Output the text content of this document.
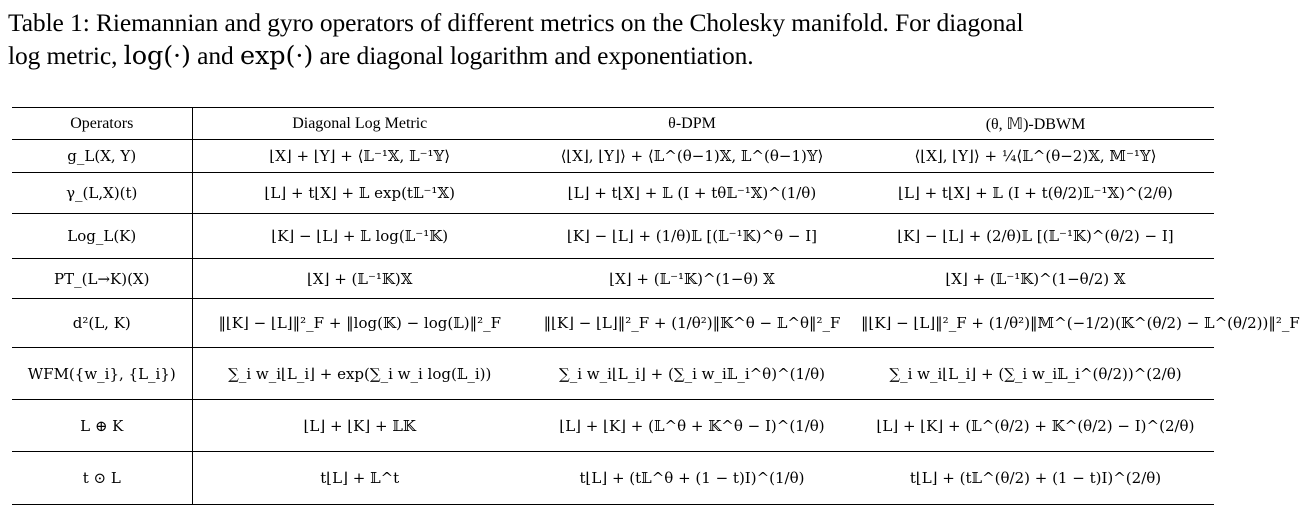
Table 1: Riemannian and gyro operators of different metrics on the Cholesky manifold. For diagonal
log metric, log(·) and exp(·) are diagonal logarithm and exponentiation.
Operators	Diagonal Log Metric	θ-DPM	(θ, 𝕄)-DBWM
g_L(X, Y)	⌊X⌋ + ⌊Y⌋ + ⟨𝕃⁻¹𝕏, 𝕃⁻¹𝕐⟩	⟨⌊X⌋, ⌊Y⌋⟩ + ⟨𝕃^(θ−1)𝕏, 𝕃^(θ−1)𝕐⟩	⟨⌊X⌋, ⌊Y⌋⟩ + ¼⟨𝕃^(θ−2)𝕏, 𝕄⁻¹𝕐⟩
γ_(L,X)(t)	⌊L⌋ + t⌊X⌋ + 𝕃 exp(t𝕃⁻¹𝕏)	⌊L⌋ + t⌊X⌋ + 𝕃 (I + tθ𝕃⁻¹𝕏)^(1/θ)	⌊L⌋ + t⌊X⌋ + 𝕃 (I + t(θ/2)𝕃⁻¹𝕏)^(2/θ)
Log_L(K)	⌊K⌋ − ⌊L⌋ + 𝕃 log(𝕃⁻¹𝕂)	⌊K⌋ − ⌊L⌋ + (1/θ)𝕃 [(𝕃⁻¹𝕂)^θ − I]	⌊K⌋ − ⌊L⌋ + (2/θ)𝕃 [(𝕃⁻¹𝕂)^(θ/2) − I]
PT_(L→K)(X)	⌊X⌋ + (𝕃⁻¹𝕂)𝕏	⌊X⌋ + (𝕃⁻¹𝕂)^(1−θ) 𝕏	⌊X⌋ + (𝕃⁻¹𝕂)^(1−θ/2) 𝕏
d²(L, K)	‖⌊K⌋ − ⌊L⌋‖²_F + ‖log(𝕂) − log(𝕃)‖²_F	‖⌊K⌋ − ⌊L⌋‖²_F + (1/θ²)‖𝕂^θ − 𝕃^θ‖²_F	‖⌊K⌋ − ⌊L⌋‖²_F + (1/θ²)‖𝕄^(−1/2)(𝕂^(θ/2) − 𝕃^(θ/2))‖²_F
WFM({w_i}, {L_i})	∑_i w_i⌊L_i⌋ + exp(∑_i w_i log(𝕃_i))	∑_i w_i⌊L_i⌋ + (∑_i w_i𝕃_i^θ)^(1/θ)	∑_i w_i⌊L_i⌋ + (∑_i w_i𝕃_i^(θ/2))^(2/θ)
L ⊕ K	⌊L⌋ + ⌊K⌋ + 𝕃𝕂	⌊L⌋ + ⌊K⌋ + (𝕃^θ + 𝕂^θ − I)^(1/θ)	⌊L⌋ + ⌊K⌋ + (𝕃^(θ/2) + 𝕂^(θ/2) − I)^(2/θ)
t ⊙ L	t⌊L⌋ + 𝕃^t	t⌊L⌋ + (t𝕃^θ + (1 − t)I)^(1/θ)	t⌊L⌋ + (t𝕃^(θ/2) + (1 − t)I)^(2/θ)
